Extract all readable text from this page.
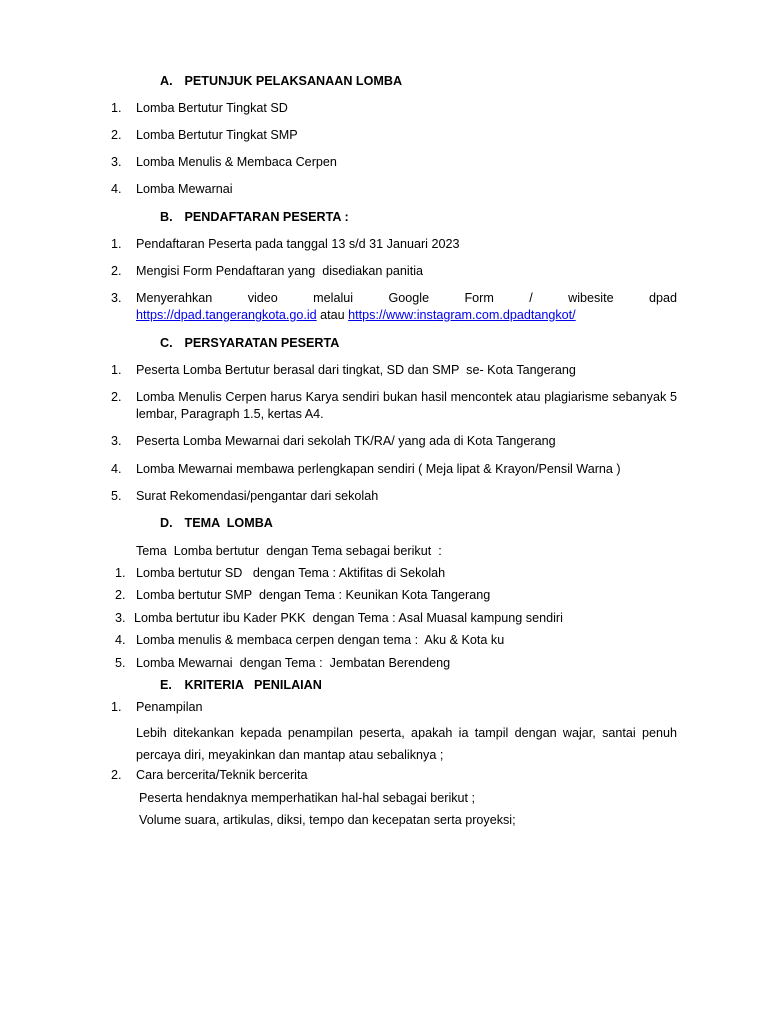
A. PETUNJUK PELAKSANAAN LOMBA
1. Lomba Bertutur Tingkat SD
2. Lomba Bertutur Tingkat SMP
3. Lomba Menulis & Membaca Cerpen
4. Lomba Mewarnai
B. PENDAFTARAN PESERTA :
1. Pendaftaran Peserta pada tanggal 13 s/d 31 Januari 2023
2. Mengisi Form Pendaftaran yang  disediakan panitia
3. Menyerahkan video melalui Google Form / wibesite dpad
https://dpad.tangerangkota.go.id atau https://www:instagram.com.dpadtangkot/
C. PERSYARATAN PESERTA
1. Peserta Lomba Bertutur berasal dari tingkat, SD dan SMP  se- Kota Tangerang
2. Lomba Menulis Cerpen harus Karya sendiri bukan hasil mencontek atau plagiarisme sebanyak 5 lembar, Paragraph 1.5, kertas A4.
3. Peserta Lomba Mewarnai dari sekolah TK/RA/ yang ada di Kota Tangerang
4. Lomba Mewarnai membawa perlengkapan sendiri ( Meja lipat & Krayon/Pensil Warna )
5. Surat Rekomendasi/pengantar dari sekolah
D. TEMA  LOMBA
Tema  Lomba bertutur  dengan Tema sebagai berikut  :
1. Lomba bertutur SD   dengan Tema : Aktifitas di Sekolah
2. Lomba bertutur SMP  dengan Tema : Keunikan Kota Tangerang
3. Lomba bertutur ibu Kader PKK  dengan Tema : Asal Muasal kampung sendiri
4. Lomba menulis & membaca cerpen dengan tema :  Aku & Kota ku
5. Lomba Mewarnai  dengan Tema :  Jembatan Berendeng
E. KRITERIA   PENILAIAN
1. Penampilan
Lebih ditekankan kepada penampilan peserta, apakah ia tampil dengan wajar, santai penuh percaya diri, meyakinkan dan mantap atau sebaliknya ;
2. Cara bercerita/Teknik bercerita
Peserta hendaknya memperhatikan hal-hal sebagai berikut ;
Volume suara, artikulas, diksi, tempo dan kecepatan serta proyeksi;
